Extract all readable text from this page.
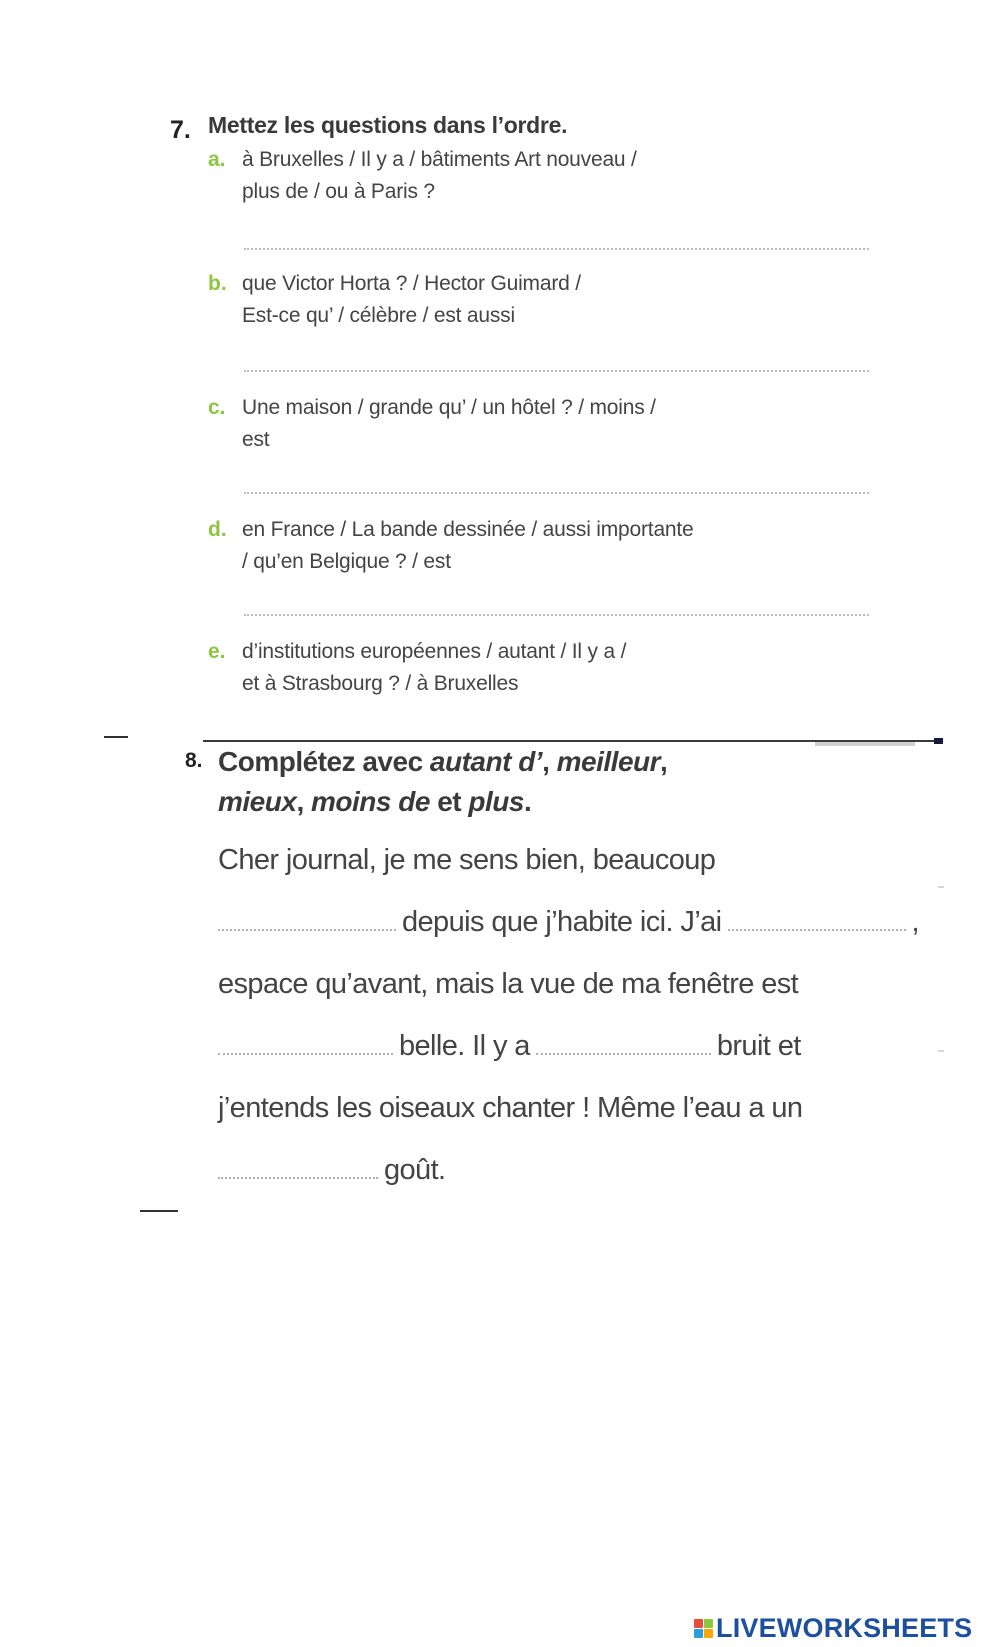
7. Mettez les questions dans l’ordre.
a. à Bruxelles / Il y a / bâtiments Art nouveau /
plus de / ou à Paris ?
b. que Victor Horta ? / Hector Guimard /
Est-ce qu’ / célèbre / est aussi
c. Une maison / grande qu’ / un hôtel ? / moins /
est
d. en France / La bande dessinée / aussi importante
/ qu’en Belgique ? / est
e. d’institutions européennes / autant / Il y a /
et à Strasbourg ? / à Bruxelles
8. Complétez avec autant d’, meilleur,
mieux, moins de et plus.
Cher journal, je me sens bien, beaucoup
depuis que j’habite ici. J’ai	,
espace qu’avant, mais la vue de ma fenêtre est
belle. Il y a	bruit et
j’entends les oiseaux chanter ! Même l’eau a un
goût.
LIVEWORKSHEETS
